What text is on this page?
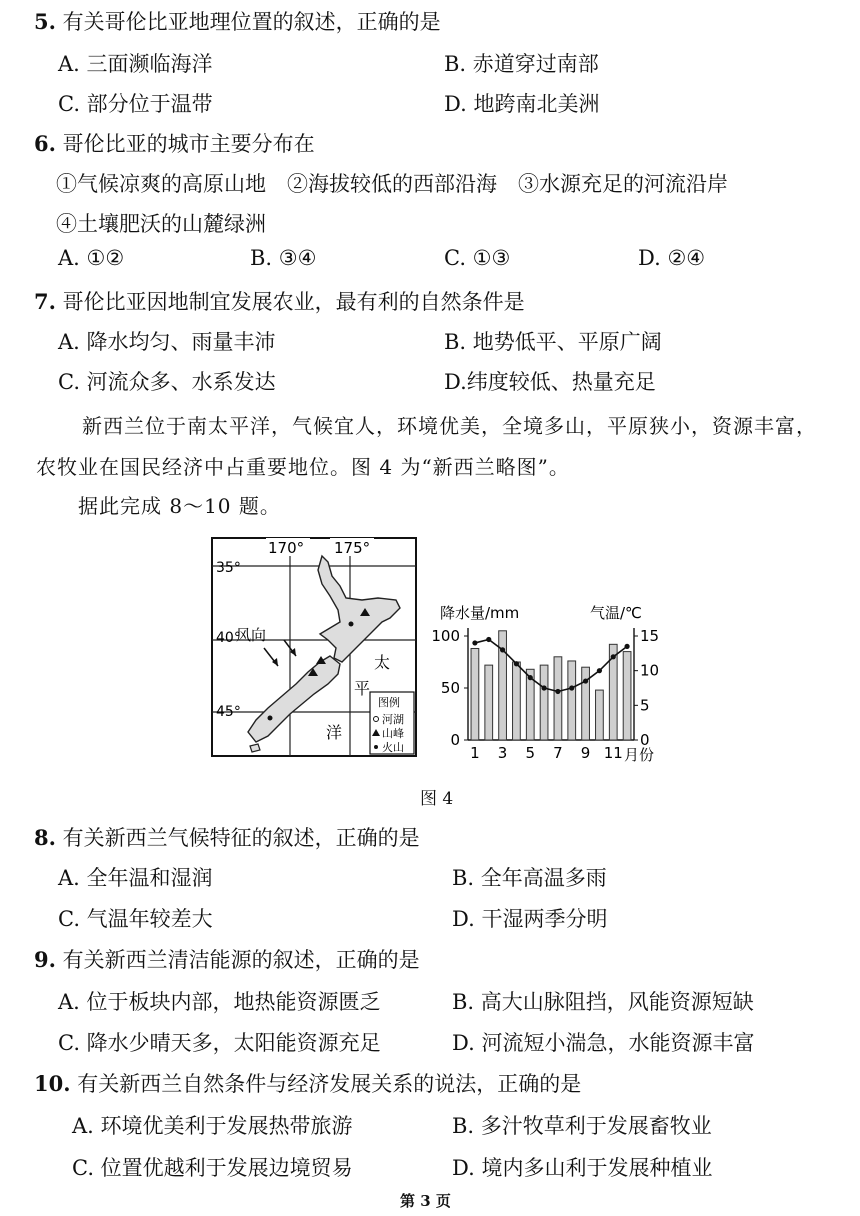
5. 有关哥伦比亚地理位置的叙述，正确的是
A. 三面濒临海洋	B. 赤道穿过南部
C. 部分位于温带	D. 地跨南北美洲
6. 哥伦比亚的城市主要分布在
①气候凉爽的高原山地　②海拔较低的西部沿海　③水源充足的河流沿岸
④土壤肥沃的山麓绿洲
A. ①②	B. ③④	C. ①③	D. ②④
7. 哥伦比亚因地制宜发展农业，最有利的自然条件是
A. 降水均匀、雨量丰沛	B. 地势低平、平原广阔
C. 河流众多、水系发达	D.纬度较低、热量充足
新西兰位于南太平洋，气候宜人，环境优美，全境多山，平原狭小，资源丰富，
农牧业在国民经济中占重要地位。图 4 为“新西兰略图”。
据此完成 8～10 题。
170° 175°
35°
40°
45°
风向
太
平
洋
图例
河湖
山峰
火山
降水量/mm	气温/℃
0
50
100
0
5
10
15
1 3 5 7 9 11 月份
图 4
8. 有关新西兰气候特征的叙述，正确的是
A. 全年温和湿润	B. 全年高温多雨
C. 气温年较差大	D. 干湿两季分明
9. 有关新西兰清洁能源的叙述，正确的是
A. 位于板块内部，地热能资源匮乏	B. 高大山脉阻挡，风能资源短缺
C. 降水少晴天多，太阳能资源充足	D. 河流短小湍急，水能资源丰富
10. 有关新西兰自然条件与经济发展关系的说法，正确的是
A. 环境优美利于发展热带旅游	B. 多汁牧草利于发展畜牧业
C. 位置优越利于发展边境贸易	D. 境内多山利于发展种植业
第 3 页
